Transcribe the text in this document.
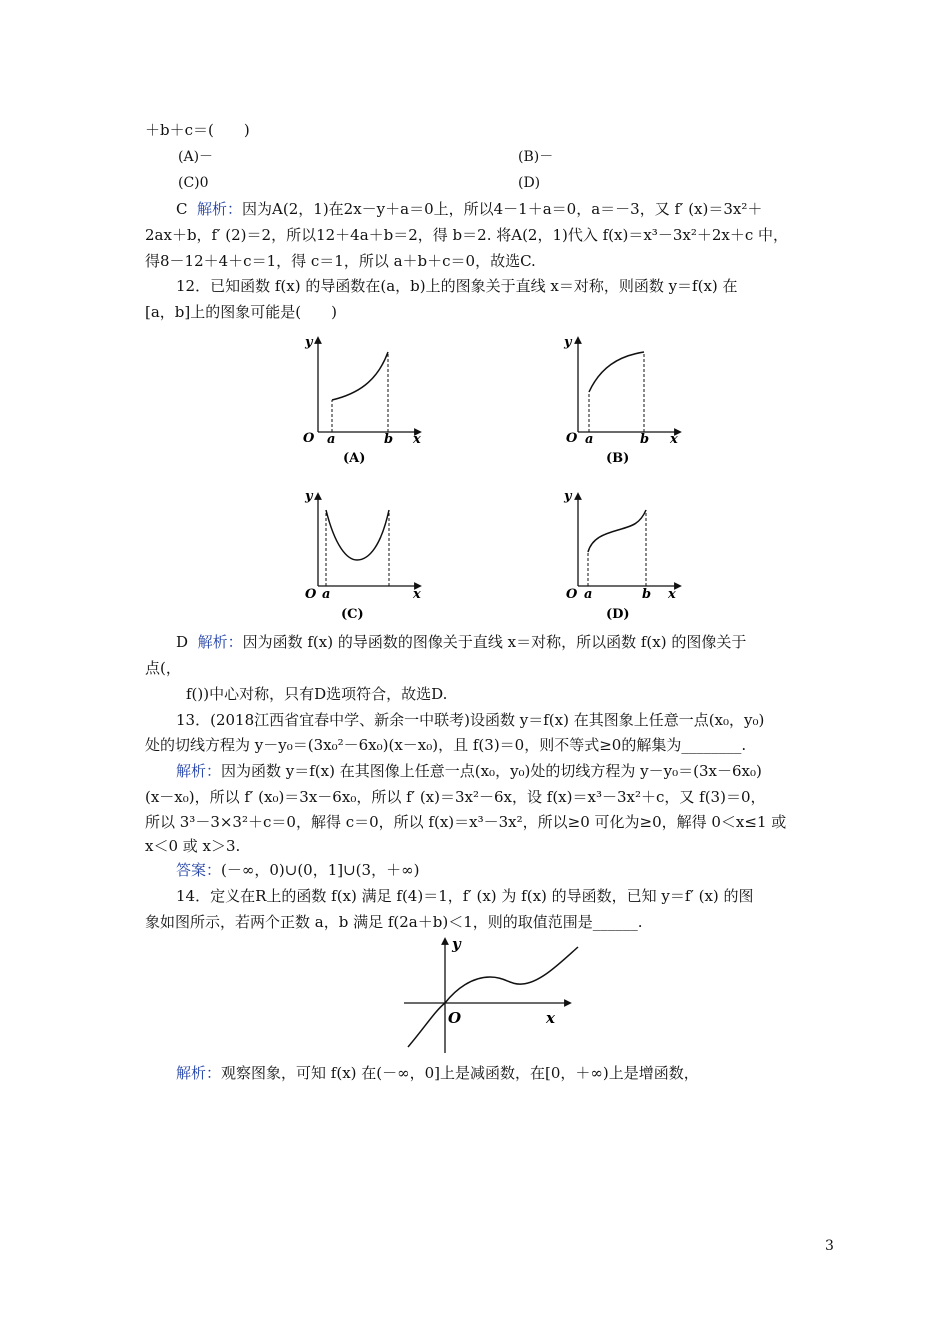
＋b＋c＝(　　)
(A)－	(B)－
(C)0	(D)
C 解析：因为A(2，1)在2x－y＋a＝0上，所以4－1＋a＝0，a＝－3，又 f′ (x)＝3x²＋
2ax＋b，f′ (2)＝2，所以12＋4a＋b＝2，得 b＝2. 将A(2，1)代入 f(x)＝x³－3x²＋2x＋c 中，
得8－12＋4＋c＝1，得 c＝1，所以 a＋b＋c＝0，故选C.
12．已知函数 f(x) 的导函数在(a，b)上的图象关于直线 x＝对称，则函数 y＝f(x) 在
[a，b]上的图象可能是(　　)
y
x
O a	b
(A)
y
x
O a	b
(B)
y
x
O a
(C)
y
x
O a	b
(D)
D 解析：因为函数 f(x) 的导函数的图像关于直线 x＝对称，所以函数 f(x) 的图像关于
点(，
f())中心对称，只有D选项符合，故选D.
13．(2018江西省宜春中学、新余一中联考)设函数 y＝f(x) 在其图象上任意一点(x₀，y₀)
处的切线方程为 y－y₀＝(3x₀²－6x₀)(x－x₀)，且 f(3)＝0，则不等式≥0的解集为________.
解析：因为函数 y＝f(x) 在其图像上任意一点(x₀，y₀)处的切线方程为 y－y₀＝(3x－6x₀)
(x－x₀)，所以 f′ (x₀)＝3x－6x₀，所以 f′ (x)＝3x²－6x，设 f(x)＝x³－3x²＋c，又 f(3)＝0，
所以 3³－3×3²＋c＝0，解得 c＝0，所以 f(x)＝x³－3x²，所以≥0 可化为≥0，解得 0＜x≤1 或
x＜0 或 x＞3.
答案：(－∞，0)∪(0，1]∪(3，＋∞)
14．定义在R上的函数 f(x) 满足 f(4)＝1，f′ (x) 为 f(x) 的导函数，已知 y＝f′ (x) 的图
象如图所示，若两个正数 a，b 满足 f(2a＋b)＜1，则的取值范围是______.
y
x
O
解析：观察图象，可知 f(x) 在(－∞，0]上是减函数，在[0，＋∞)上是增函数，
3
